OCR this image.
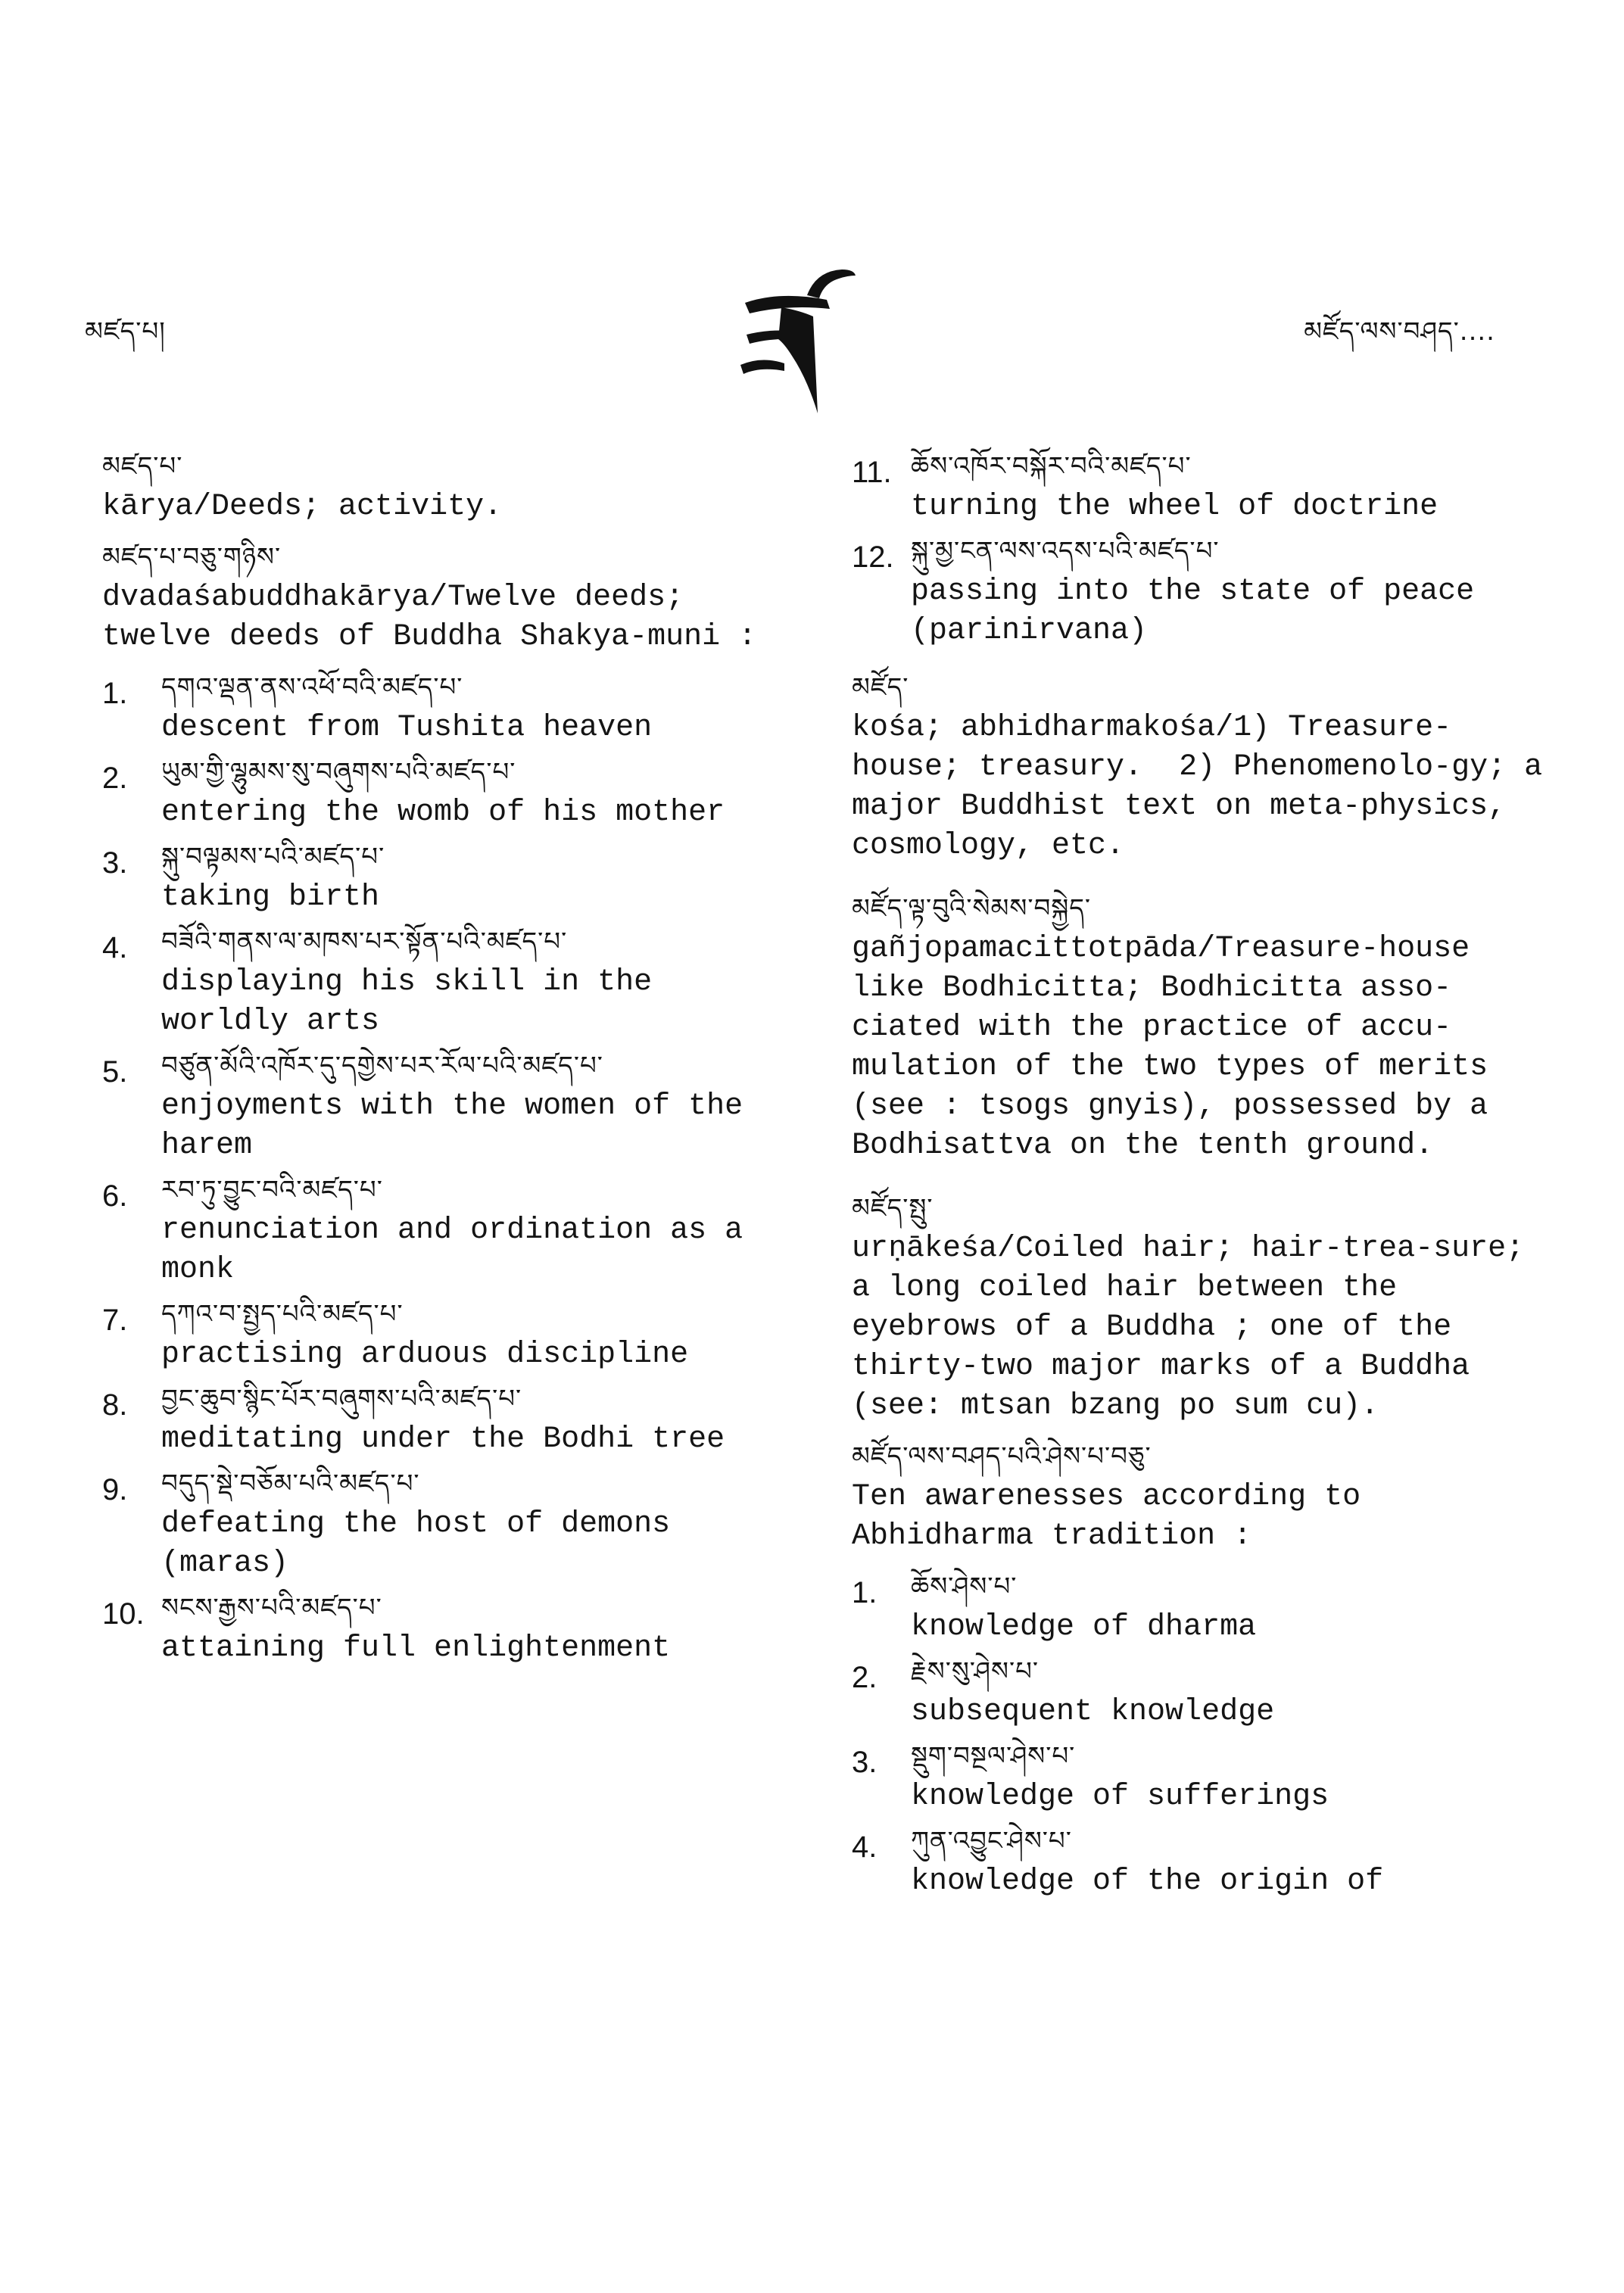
མཛད་པ།	མཛོད་ལས་བཤད་....
མཛད་པ་
kārya/Deeds; activity.
མཛད་པ་བཅུ་གཉིས་
dvadaśabuddhakārya/Twelve deeds; twelve deeds of Buddha Shakya-muni :
1. དགའ་ལྡན་ནས་འཕོ་བའི་མཛད་པ་
descent from Tushita heaven
2. ཡུམ་གྱི་ལྷུམས་སུ་བཞུགས་པའི་མཛད་པ་
entering the womb of his mother
3. སྐུ་བལྟམས་པའི་མཛད་པ་
taking birth
4. བཟོའི་གནས་ལ་མཁས་པར་སྟོན་པའི་མཛད་པ་
displaying his skill in the worldly arts
5. བཙུན་མོའི་འཁོར་དུ་དགྱེས་པར་རོལ་པའི་མཛད་པ་
enjoyments with the women of the harem
6. རབ་ཏུ་བྱུང་བའི་མཛད་པ་
renunciation and ordination as a monk
7. དཀའ་བ་སྤྱད་པའི་མཛད་པ་
practising arduous discipline
8. བྱང་ཆུབ་སྙིང་པོར་བཞུགས་པའི་མཛད་པ་
meditating under the Bodhi tree
9. བདུད་སྡེ་བཅོམ་པའི་མཛད་པ་
defeating the host of demons (maras)
10. སངས་རྒྱས་པའི་མཛད་པ་
attaining full enlightenment
11. ཆོས་འཁོར་བསྐོར་བའི་མཛད་པ་
turning the wheel of doctrine
12. སྐུ་མྱ་ངན་ལས་འདས་པའི་མཛད་པ་
passing into the state of peace (parinirvana)
མཛོད་
kośa; abhidharmakośa/1) Treasure-house; treasury.  2) Phenomenolo-gy; a major Buddhist text on meta-physics, cosmology, etc.
མཛོད་ལྟ་བུའི་སེམས་བསྐྱེད་
gañjopamacittotpāda/Treasure-house like Bodhicitta; Bodhicitta asso-ciated with the practice of accu-mulation of the two types of merits (see : tsogs gnyis), possessed by a Bodhisattva on the tenth ground.
མཛོད་སྤུ་
urṇākeśa/Coiled hair; hair-trea-sure; a long coiled hair between the eyebrows of a Buddha ; one of the thirty-two major marks of a Buddha (see: mtsan bzang po sum cu).
མཛོད་ལས་བཤད་པའི་ཤེས་པ་བཅུ་
Ten awarenesses according to Abhidharma tradition :
1. ཆོས་ཤེས་པ་
knowledge of dharma
2. རྗེས་སུ་ཤེས་པ་
subsequent knowledge
3. སྡུག་བསྔལ་ཤེས་པ་
knowledge of sufferings
4. ཀུན་འབྱུང་ཤེས་པ་
knowledge of the origin of
